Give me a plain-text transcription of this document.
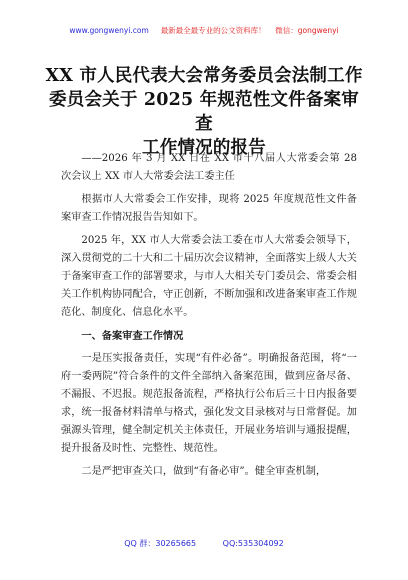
www.gongwenyi.com 最新最全最专业的公文资料库！ 微信：gongwenyi
XX 市人民代表大会常务委员会法制工作
委员会关于 2025 年规范性文件备案审查
工作情况的报告

——2026 年 3 月 XX 日在 XX 市十八届人大常委会第 28 次会议上 XX 市人大常委会法工委主任

根据市人大常委会工作安排，现将 2025 年度规范性文件备案审查工作情况报告告知如下。

2025 年，XX 市人大常委会法工委在市人大常委会领导下，深入贯彻党的二十大和二十届历次会议精神，全面落实上级人大关于备案审查工作的部署要求，与市人大相关专门委员会、常委会相关工作机构协同配合，守正创新，不断加强和改进备案审查工作规范化、制度化、信息化水平。

一、备案审查工作情况

一是压实报备责任，实现“有件必备”。明确报备范围，将“一府一委两院”符合条件的文件全部纳入备案范围，做到应备尽备、不漏报、不迟报。规范报备流程，严格执行公布后三十日内报备要求，统一报备材料清单与格式，强化发文目录核对与日常督促。加强源头管理，健全制定机关主体责任，开展业务培训与通报提醒，提升报备及时性、完整性、规范性。

二是严把审查关口，做到“有备必审”。健全审查机制，

QQ 群：30265665	QQ:535304092
